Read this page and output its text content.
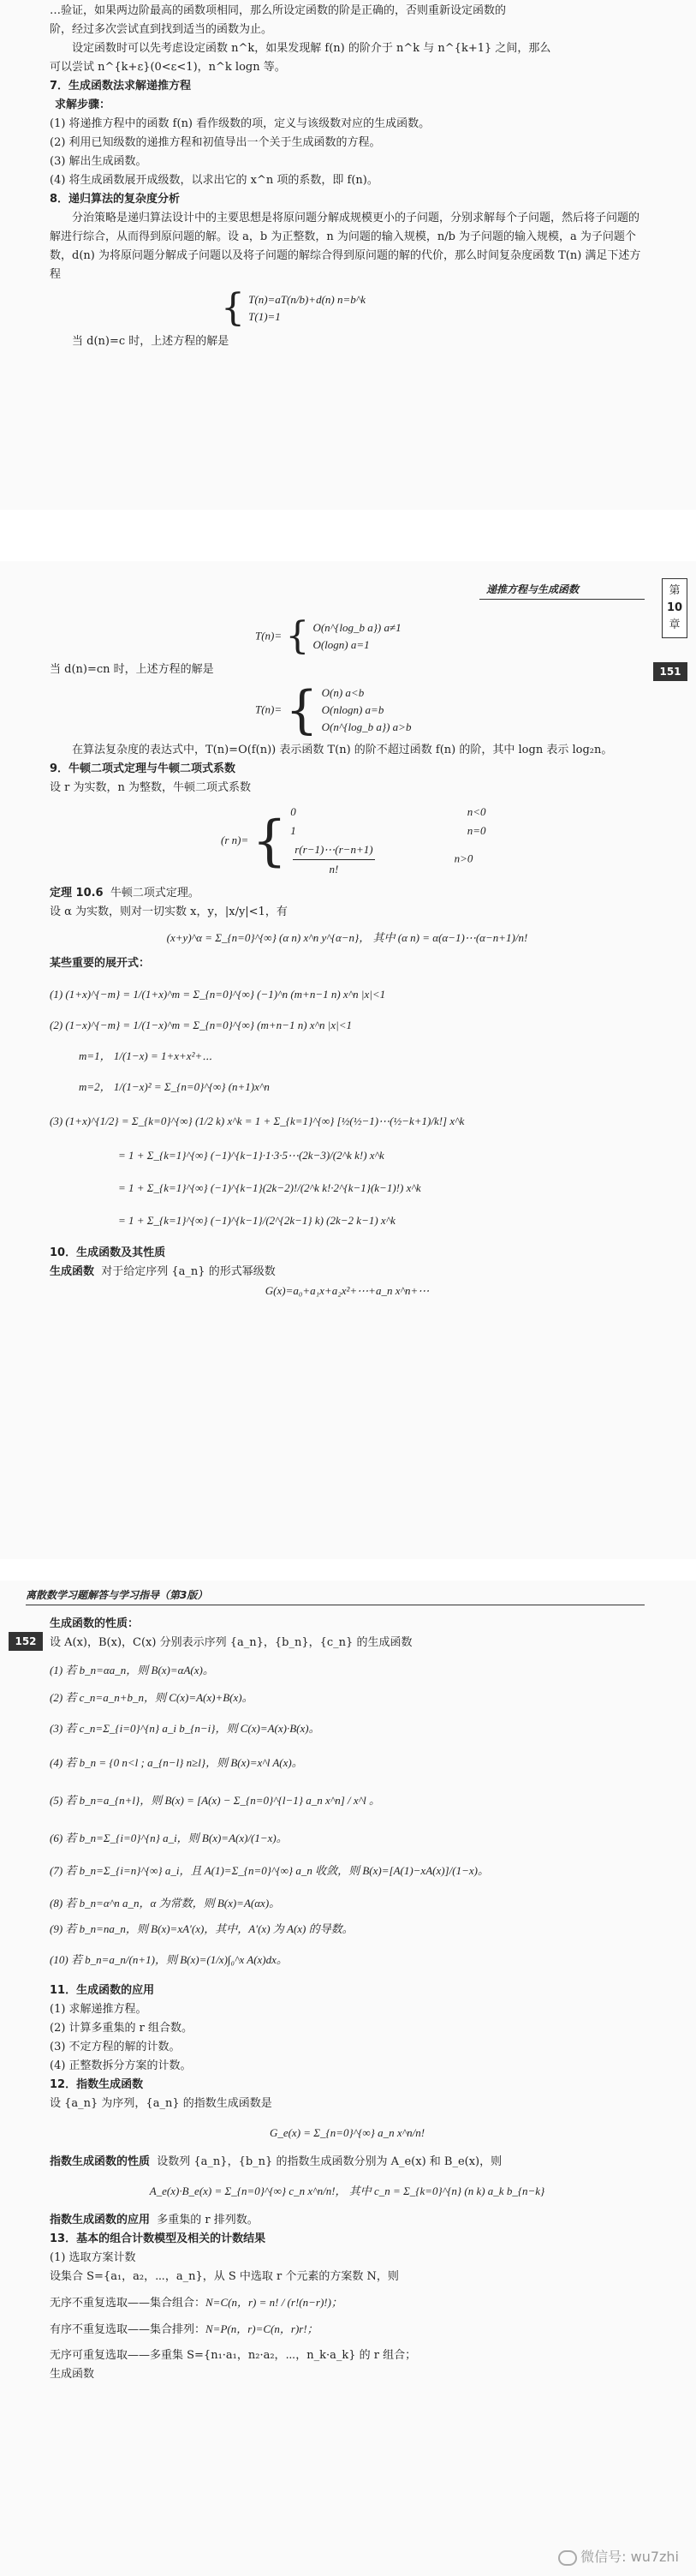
…验证，如果两边阶最高的函数项相同，那么所设定函数的阶是正确的，否则重新设定函数的

阶，经过多次尝试直到找到适当的函数为止。

设定函数时可以先考虑设定函数 n^k，如果发现解 f(n) 的阶介于 n^k 与 n^{k+1} 之间，那么

可以尝试 n^{k+ε}(0<ε<1)，n^k logn 等。

7．生成函数法求解递推方程

求解步骤：

(1) 将递推方程中的函数 f(n) 看作级数的项，定义与该级数对应的生成函数。

(2) 利用已知级数的递推方程和初值导出一个关于生成函数的方程。

(3) 解出生成函数。

(4) 将生成函数展开成级数，以求出它的 x^n 项的系数，即 f(n)。

8．递归算法的复杂度分析

分治策略是递归算法设计中的主要思想是将原问题分解成规模更小的子问题，分别求解每个子问题，然后将子问题的解进行综合，从而得到原问题的解。设 a，b 为正整数，n 为问题的输入规模，n/b 为子问题的输入规模，a 为子问题个数，d(n) 为将原问题分解成子问题以及将子问题的解综合得到原问题的解的代价，那么时间复杂度函数 T(n) 满足下述方程

{ T(n)=aT(n/b)+d(n) n=b^k
T(1)=1

当 d(n)=c 时，上述方程的解是

递推方程与生成函数	第
10
章
151
T(n)= { O(n^{log_b a}) a≠1
O(logn) a=1

当 d(n)=cn 时，上述方程的解是

T(n)= { O(n) a<b
O(nlogn) a=b
O(n^{log_b a}) a>b

在算法复杂度的表达式中，T(n)=O(f(n)) 表示函数 T(n) 的阶不超过函数 f(n) 的阶，其中 logn 表示 log₂n。

9．牛顿二项式定理与牛顿二项式系数

设 r 为实数，n 为整数，牛顿二项式系数

(r n)= { 0	n<0
1	n=0
$\frac{r(r-1)\cdots(r-n+1)}{n!}$	n>0

定理 10.6 牛顿二项式定理。

设 α 为实数，则对一切实数 x，y，|x/y|<1，有

(x+y)^α = Σ_{n=0}^{∞} (α n) x^n y^{α−n}， 其中 (α n) = α(α−1)⋯(α−n+1)/n!

某些重要的展开式：

(1) (1+x)^{−m} = 1/(1+x)^m = Σ_{n=0}^{∞} (−1)^n (m+n−1 n) x^n |x|<1

(2) (1−x)^{−m} = 1/(1−x)^m = Σ_{n=0}^{∞} (m+n−1 n) x^n |x|<1

m=1， 1/(1−x) = 1+x+x²+⋯

m=2， 1/(1−x)² = Σ_{n=0}^{∞} (n+1)x^n

(3) (1+x)^{1/2} = Σ_{k=0}^{∞} (1/2 k) x^k = 1 + Σ_{k=1}^{∞} [½(½−1)⋯(½−k+1)/k!] x^k

= 1 + Σ_{k=1}^{∞} (−1)^{k−1}·1·3·5⋯(2k−3)/(2^k k!) x^k

= 1 + Σ_{k=1}^{∞} (−1)^{k−1}(2k−2)!/(2^k k!·2^{k−1}(k−1)!) x^k

= 1 + Σ_{k=1}^{∞} (−1)^{k−1}/(2^{2k−1} k) (2k−2 k−1) x^k

10．生成函数及其性质

生成函数 对于给定序列 {a_n} 的形式幂级数

G(x)=a₀+a₁x+a₂x²+⋯+a_n x^n+⋯

离散数学习题解答与学习指导（第3版）
152

生成函数的性质：

设 A(x)，B(x)，C(x) 分别表示序列 {a_n}，{b_n}，{c_n} 的生成函数

(1) 若 b_n=αa_n，则 B(x)=αA(x)。

(2) 若 c_n=a_n+b_n，则 C(x)=A(x)+B(x)。

(3) 若 c_n=Σ_{i=0}^{n} a_i b_{n−i}，则 C(x)=A(x)·B(x)。

(4) 若 b_n = {0 n<l ; a_{n−l} n≥l}，则 B(x)=x^l A(x)。

(5) 若 b_n=a_{n+l}，则 B(x) = [A(x) − Σ_{n=0}^{l−1} a_n x^n] / x^l 。

(6) 若 b_n=Σ_{i=0}^{n} a_i，则 B(x)=A(x)/(1−x)。

(7) 若 b_n=Σ_{i=n}^{∞} a_i，且 A(1)=Σ_{n=0}^{∞} a_n 收敛，则 B(x)=[A(1)−xA(x)]/(1−x)。

(8) 若 b_n=α^n a_n，α 为常数，则 B(x)=A(αx)。

(9) 若 b_n=na_n，则 B(x)=xA′(x)，其中，A′(x) 为 A(x) 的导数。

(10) 若 b_n=a_n/(n+1)，则 B(x)=(1/x)∫₀^x A(x)dx。

11．生成函数的应用

(1) 求解递推方程。

(2) 计算多重集的 r 组合数。

(3) 不定方程的解的计数。

(4) 正整数拆分方案的计数。

12．指数生成函数

设 {a_n} 为序列，{a_n} 的指数生成函数是

G_e(x) = Σ_{n=0}^{∞} a_n x^n/n!

指数生成函数的性质 设数列 {a_n}，{b_n} 的指数生成函数分别为 A_e(x) 和 B_e(x)，则

A_e(x)·B_e(x) = Σ_{n=0}^{∞} c_n x^n/n!， 其中 c_n = Σ_{k=0}^{n} (n k) a_k b_{n−k}

指数生成函数的应用 多重集的 r 排列数。

13．基本的组合计数模型及相关的计数结果

(1) 选取方案计数

设集合 S={a₁，a₂，⋯，a_n}，从 S 中选取 r 个元素的方案数 N，则

无序不重复选取——集合组合：N=C(n，r) = n! / (r!(n−r)!)；

有序不重复选取——集合排列：N=P(n，r)=C(n，r)r!；

无序可重复选取——多重集 S={n₁·a₁，n₂·a₂，⋯，n_k·a_k} 的 r 组合；

生成函数

微信号: wu7zhi
